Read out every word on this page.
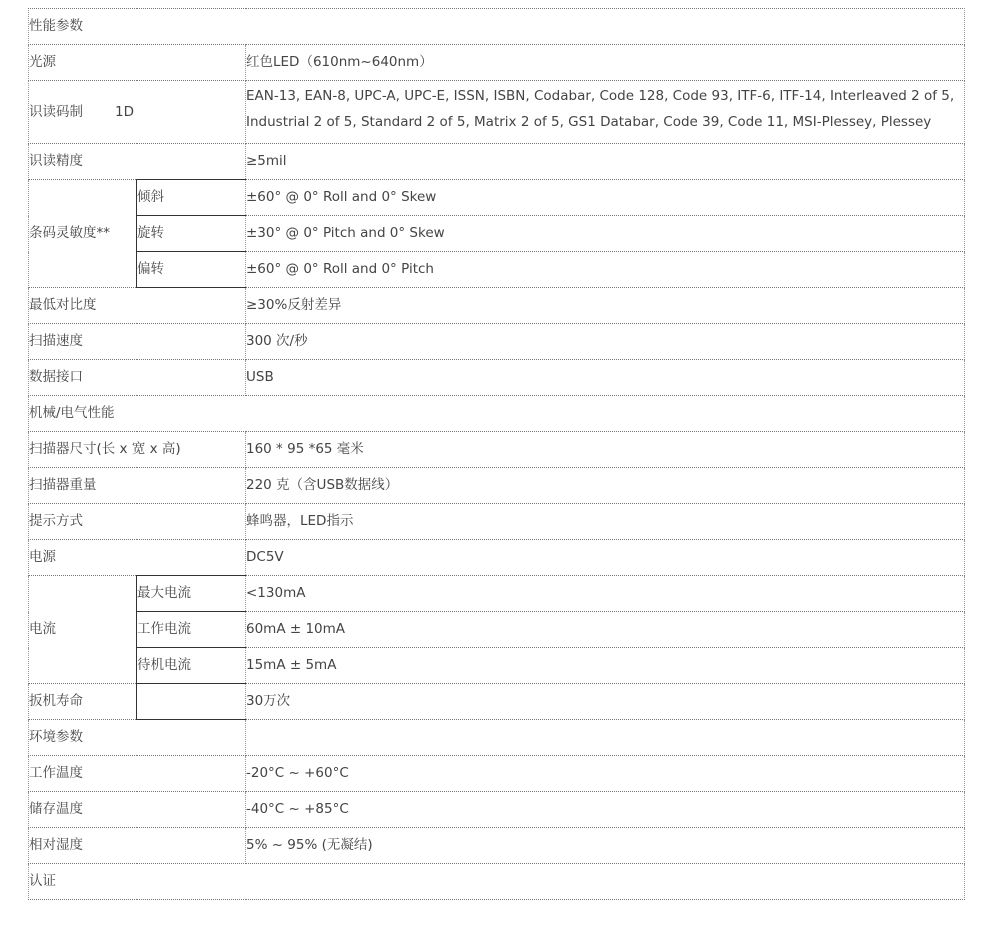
性能参数		
光源		红色LED（610nm~640nm）
识读码制 1D		EAN-13, EAN-8, UPC-A, UPC-E, ISSN, ISBN, Codabar, Code 128, Code 93, ITF-6, ITF-14, Interleaved 2 of 5, Industrial 2 of 5, Standard 2 of 5, Matrix 2 of 5, GS1 Databar, Code 39, Code 11, MSI-Plessey, Plessey
识读精度		≥5mil
条码灵敏度**	倾斜	±60° @ 0° Roll and 0° Skew
	旋转	±30° @ 0° Pitch and 0° Skew
	偏转	±60° @ 0° Roll and 0° Pitch
最低对比度		≥30%反射差异
扫描速度		300 次/秒
数据接口		USB
机械/电气性能		
扫描器尺寸(长 x 宽 x 高)		160 * 95 *65 毫米
扫描器重量		220 克（含USB数据线）
提示方式		蜂鸣器，LED指示
电源		DC5V
电流	最大电流	<130mA
	工作电流	60mA ± 10mA
	待机电流	15mA ± 5mA
扳机寿命		30万次
环境参数		
工作温度		-20°C ~ +60°C
储存温度		-40°C ~ +85°C
相对湿度		5% ~ 95% (无凝结)
认证		
